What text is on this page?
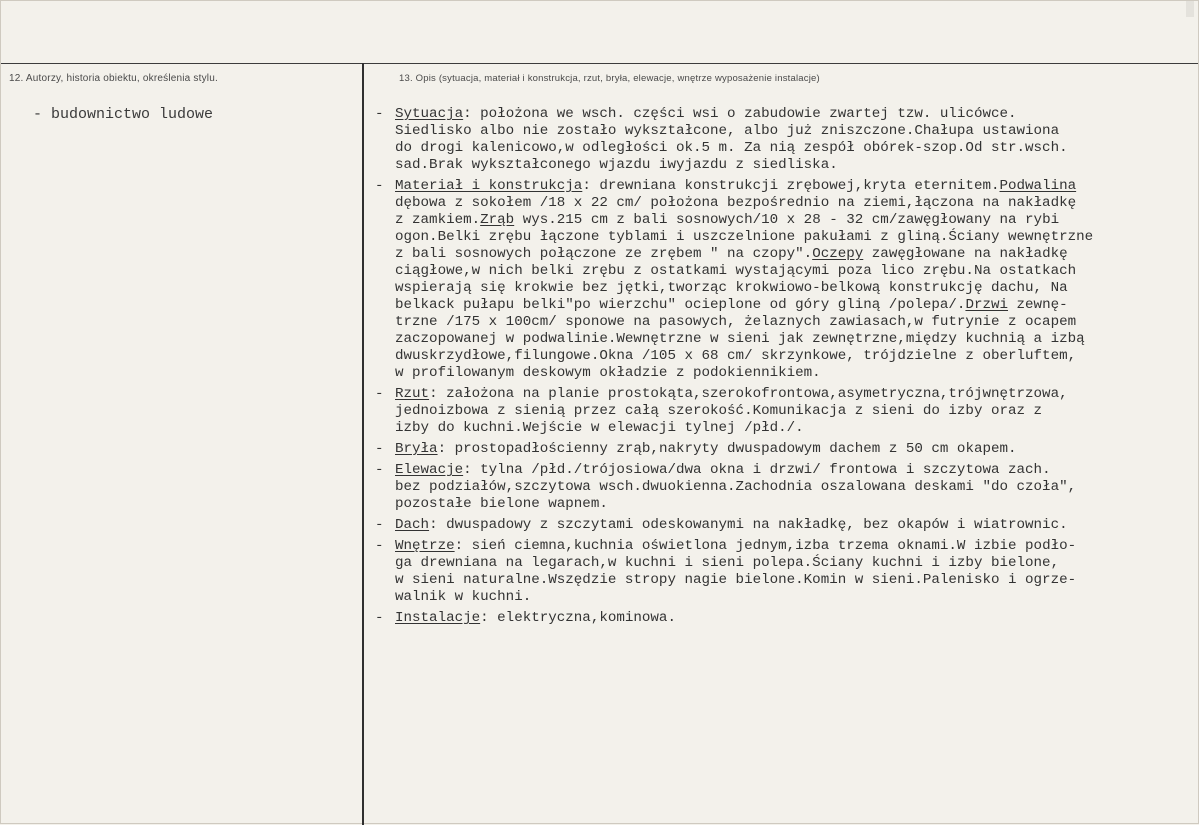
12. Autorzy, historia obiektu, określenia stylu.	13. Opis (sytuacja, materiał i konstrukcja, rzut, bryła, elewacje, wnętrze wyposażenie instalacje)
- budownictwo ludowe	- Sytuacja: położona we wsch. części wsi o zabudowie zwartej tzw. ulicówce.
Siedlisko albo nie zostało wykształcone, albo już zniszczone.Chałupa ustawiona
do drogi kalenicowo,w odległości ok.5 m. Za nią zespół obórek-szop.Od str.wsch.
sad.Brak wykształconego wjazdu iwyjazdu z siedliska.
- Materiał i konstrukcja: drewniana konstrukcji zrębowej,kryta eternitem.Podwalina
dębowa z sokołem /18 x 22 cm/ położona bezpośrednio na ziemi,łączona na nakładkę
z zamkiem.Zrąb wys.215 cm z bali sosnowych/10 x 28 - 32 cm/zawęgłowany na rybi
ogon.Belki zrębu łączone tyblami i uszczelnione pakułami z gliną.Ściany wewnętrzne
z bali sosnowych połączone ze zrębem " na czopy".Oczepy zawęgłowane na nakładkę
ciągłowe,w nich belki zrębu z ostatkami wystającymi poza lico zrębu.Na ostatkach
wspierają się krokwie bez jętki,tworząc krokwiowo-belkową konstrukcję dachu, Na
belkack pułapu belki"po wierzchu" ocieplone od góry gliną /polepa/.Drzwi zewnę-
trzne /175 x 100cm/ sponowe na pasowych, żelaznych zawiasach,w futrynie z ocapem
zaczopowanej w podwalinie.Wewnętrzne w sieni jak zewnętrzne,między kuchnią a izbą
dwuskrzydłowe,filungowe.Okna /105 x 68 cm/ skrzynkowe, trójdzielne z oberluftem,
w profilowanym deskowym okładzie z podokiennikiem.
- Rzut: założona na planie prostokąta,szerokofrontowa,asymetryczna,trójwnętrzowa,
jednoizbowa z sienią przez całą szerokość.Komunikacja z sieni do izby oraz z
izby do kuchni.Wejście w elewacji tylnej /płd./.
- Bryła: prostopadłościenny zrąb,nakryty dwuspadowym dachem z 50 cm okapem.
- Elewacje: tylna /płd./trójosiowa/dwa okna i drzwi/ frontowa i szczytowa zach.
bez podziałów,szczytowa wsch.dwuokienna.Zachodnia oszalowana deskami "do czoła",
pozostałe bielone wapnem.
- Dach: dwuspadowy z szczytami odeskowanymi na nakładkę, bez okapów i wiatrownic.
- Wnętrze: sień ciemna,kuchnia oświetlona jednym,izba trzema oknami.W izbie podło-
ga drewniana na legarach,w kuchni i sieni polepa.Ściany kuchni i izby bielone,
w sieni naturalne.Wszędzie stropy nagie bielone.Komin w sieni.Palenisko i ogrze-
walnik w kuchni.
- Instalacje: elektryczna,kominowa.
